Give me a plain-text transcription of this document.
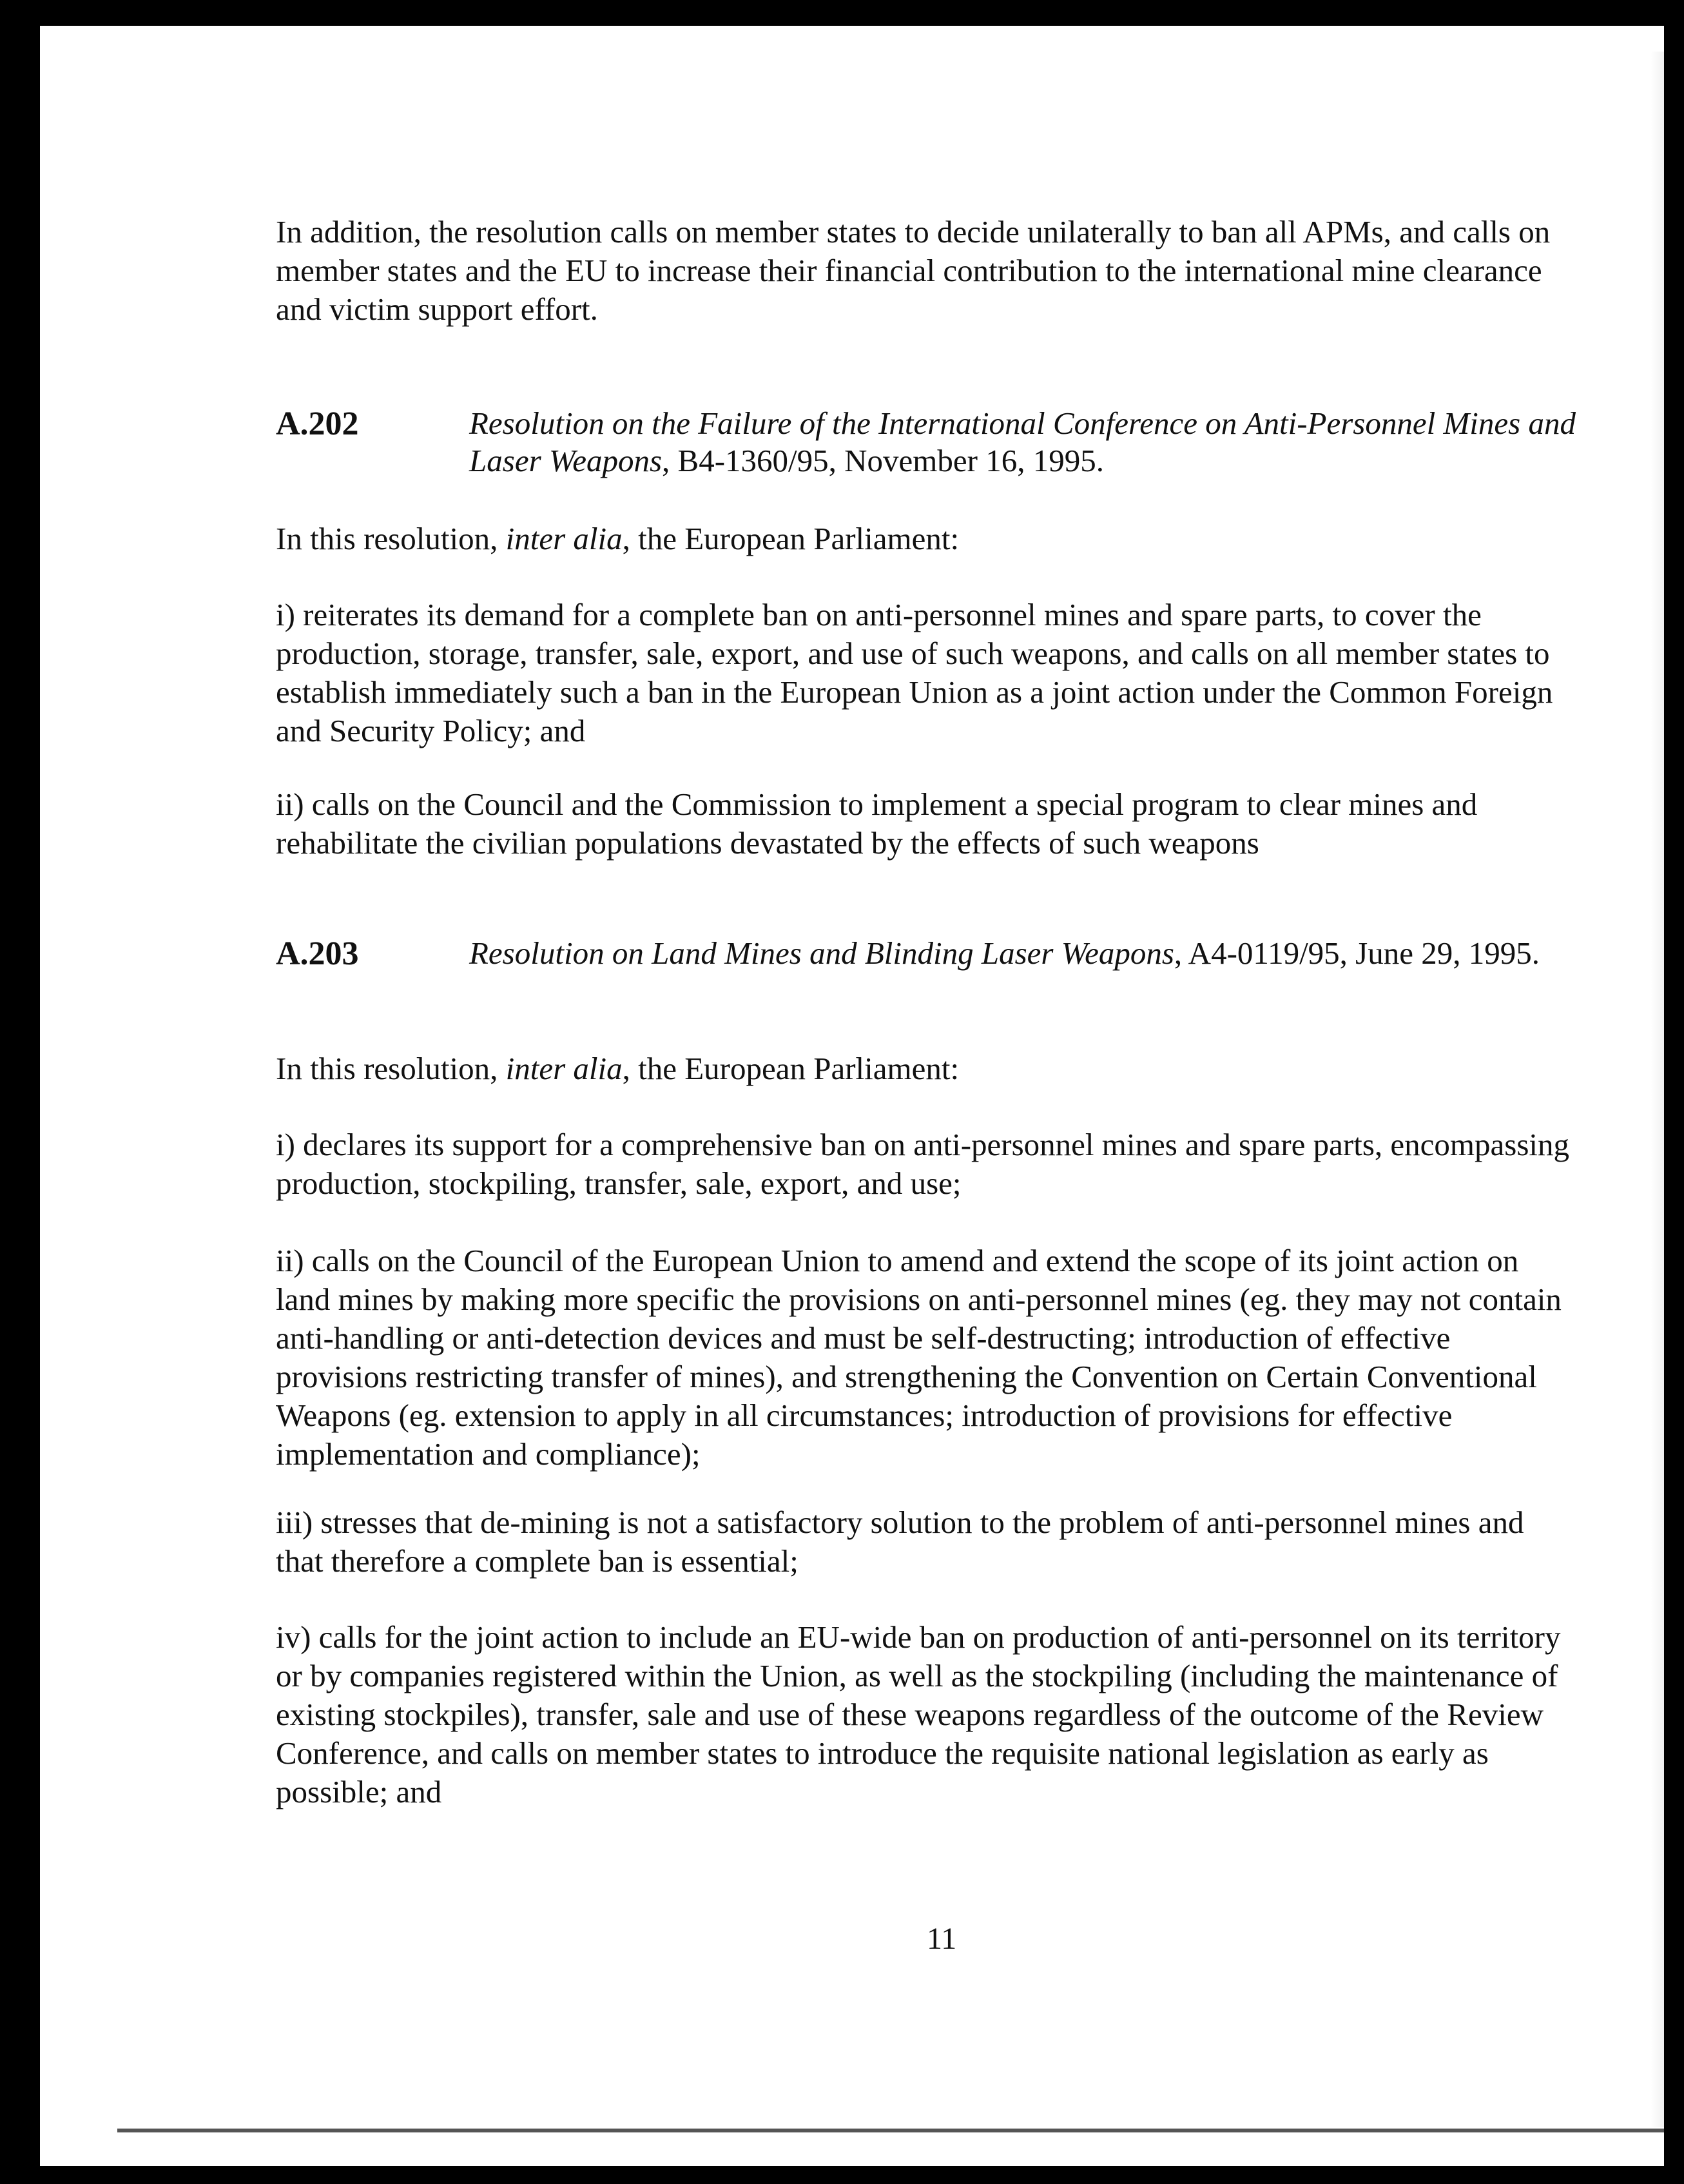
In addition, the resolution calls on member states to decide unilaterally to ban all APMs, and calls on member states and the EU to increase their financial contribution to the international mine clearance and victim support effort.

A.202	Resolution on the Failure of the International Conference on Anti-Personnel Mines and Laser Weapons, B4-1360/95, November 16, 1995.

In this resolution, inter alia, the European Parliament:

i) reiterates its demand for a complete ban on anti-personnel mines and spare parts, to cover the production, storage, transfer, sale, export, and use of such weapons, and calls on all member states to establish immediately such a ban in the European Union as a joint action under the Common Foreign and Security Policy; and

ii) calls on the Council and the Commission to implement a special program to clear mines and rehabilitate the civilian populations devastated by the effects of such weapons

A.203	Resolution on Land Mines and Blinding Laser Weapons, A4-0119/95, June 29, 1995.

In this resolution, inter alia, the European Parliament:

i) declares its support for a comprehensive ban on anti-personnel mines and spare parts, encompassing production, stockpiling, transfer, sale, export, and use;

ii) calls on the Council of the European Union to amend and extend the scope of its joint action on land mines by making more specific the provisions on anti-personnel mines (eg. they may not contain anti-handling or anti-detection devices and must be self-destructing; introduction of effective provisions restricting transfer of mines), and strengthening the Convention on Certain Conventional Weapons (eg. extension to apply in all circumstances; introduction of provisions for effective implementation and compliance);

iii) stresses that de-mining is not a satisfactory solution to the problem of anti-personnel mines and that therefore a complete ban is essential;

iv) calls for the joint action to include an EU-wide ban on production of anti-personnel on its territory or by companies registered within the Union, as well as the stockpiling (including the maintenance of existing stockpiles), transfer, sale and use of these weapons regardless of the outcome of the Review Conference, and calls on member states to introduce the requisite national legislation as early as possible; and

11
